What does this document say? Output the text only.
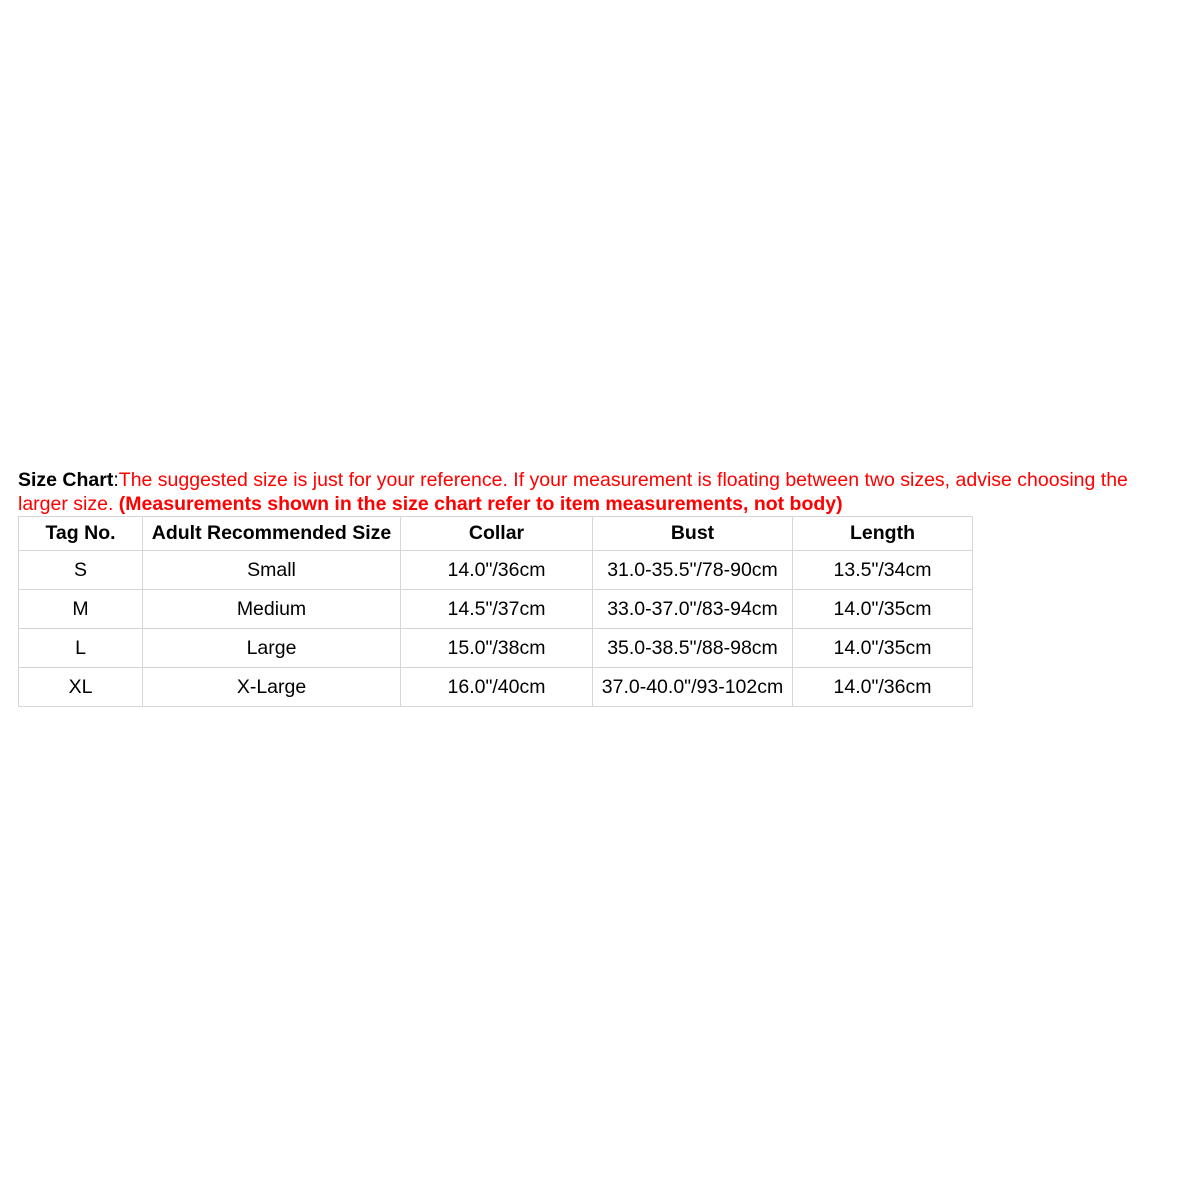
Size Chart:The suggested size is just for your reference. If your measurement is floating between two sizes, advise choosing the larger size. (Measurements shown in the size chart refer to item measurements, not body)
Tag No.	Adult Recommended Size	Collar	Bust	Length
S	Small	14.0"/36cm	31.0-35.5"/78-90cm	13.5"/34cm
M	Medium	14.5"/37cm	33.0-37.0"/83-94cm	14.0"/35cm
L	Large	15.0"/38cm	35.0-38.5"/88-98cm	14.0"/35cm
XL	X-Large	16.0"/40cm	37.0-40.0"/93-102cm	14.0"/36cm
